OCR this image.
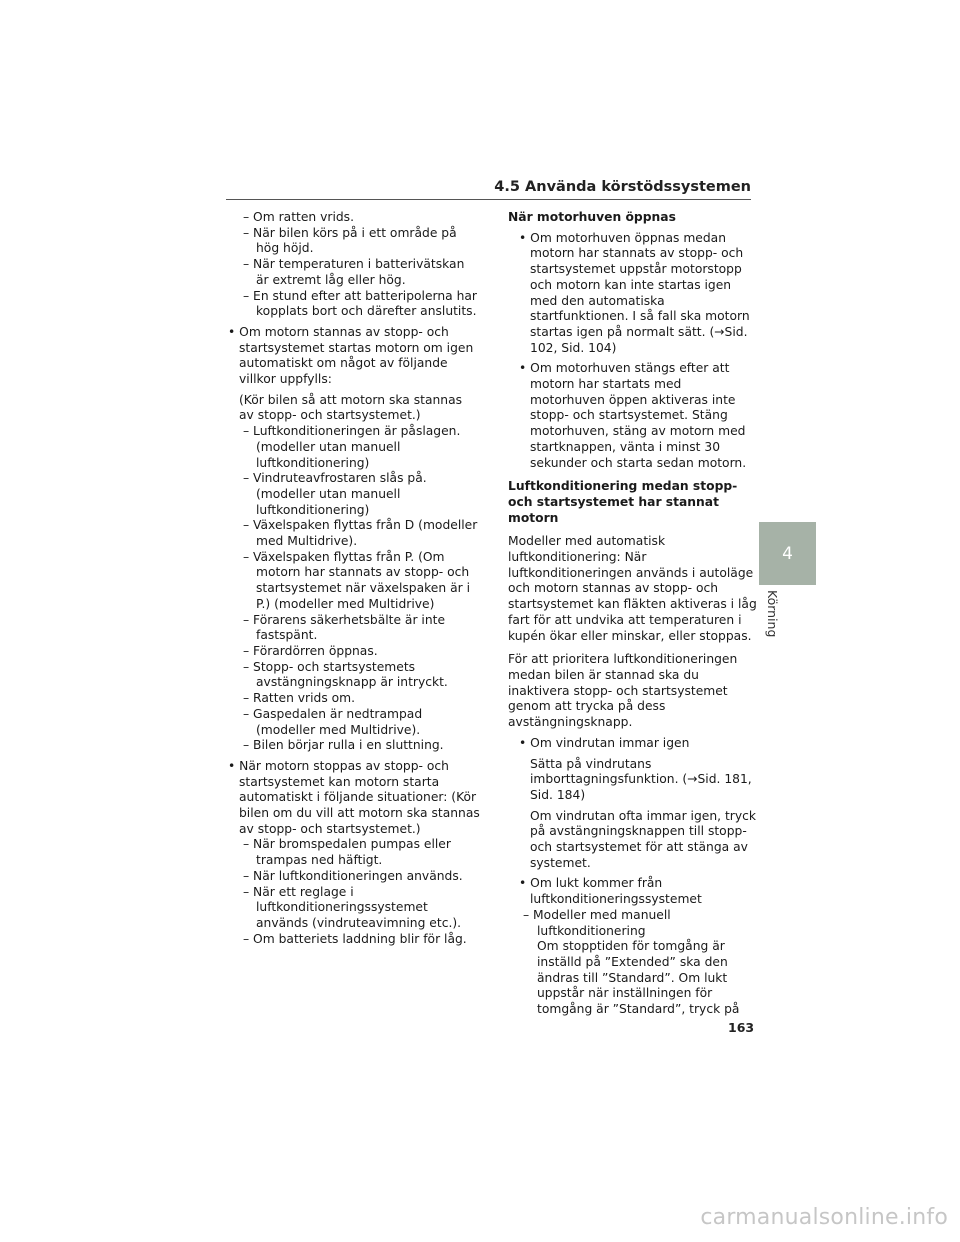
4.5 Använda körstödssystemen

– Om ratten vrids.

– När bilen körs på i ett område på hög höjd.

– När temperaturen i batterivätskan är extremt låg eller hög.

– En stund efter att batteripolerna har kopplats bort och därefter anslutits.

• Om motorn stannas av stopp- och startsystemet startas motorn om igen automatiskt om något av följande villkor uppfylls:

(Kör bilen så att motorn ska stannas av stopp- och startsystemet.)

– Luftkonditioneringen är påslagen. (modeller utan manuell luftkonditionering)

– Vindruteavfrostaren slås på. (modeller utan manuell luftkonditionering)

– Växelspaken flyttas från D (modeller med Multidrive).

– Växelspaken flyttas från P. (Om motorn har stannats av stopp- och startsystemet när växelspaken är i P.) (modeller med Multidrive)

– Förarens säkerhetsbälte är inte fastspänt.

– Förardörren öppnas.

– Stopp- och startsystemets avstängningsknapp är intryckt.

– Ratten vrids om.

– Gaspedalen är nedtrampad (modeller med Multidrive).

– Bilen börjar rulla i en sluttning.

• När motorn stoppas av stopp- och startsystemet kan motorn starta automatiskt i följande situationer: (Kör bilen om du vill att motorn ska stannas av stopp- och startsystemet.)

– När bromspedalen pumpas eller trampas ned häftigt.

– När luftkonditioneringen används.

– När ett reglage i luftkonditioneringssystemet används (vindruteavimning etc.).

– Om batteriets laddning blir för låg.

När motorhuven öppnas

• Om motorhuven öppnas medan motorn har stannats av stopp- och startsystemet uppstår motorstopp och motorn kan inte startas igen med den automatiska startfunktionen. I så fall ska motorn startas igen på normalt sätt. (→Sid. 102, Sid. 104)

• Om motorhuven stängs efter att motorn har startats med motorhuven öppen aktiveras inte stopp- och startsystemet. Stäng motorhuven, stäng av motorn med startknappen, vänta i minst 30 sekunder och starta sedan motorn.

Luftkonditionering medan stopp- och startsystemet har stannat motorn

Modeller med automatisk luftkonditionering: När luftkonditioneringen används i autoläge och motorn stannas av stopp- och startsystemet kan fläkten aktiveras i låg fart för att undvika att temperaturen i kupén ökar eller minskar, eller stoppas.

För att prioritera luftkonditioneringen medan bilen är stannad ska du inaktivera stopp- och startsystemet genom att trycka på dess avstängningsknapp.

• Om vindrutan immar igen

Sätta på vindrutans imborttagningsfunktion. (→Sid. 181, Sid. 184)

Om vindrutan ofta immar igen, tryck på avstängningsknappen till stopp- och startsystemet för att stänga av systemet.

• Om lukt kommer från luftkonditioneringssystemet

– Modeller med manuell luftkonditionering

Om stopptiden för tomgång är inställd på ”Extended” ska den ändras till ”Standard”. Om lukt uppstår när inställningen för tomgång är ”Standard”, tryck på

4
Körning
163
carmanualsonline.info
